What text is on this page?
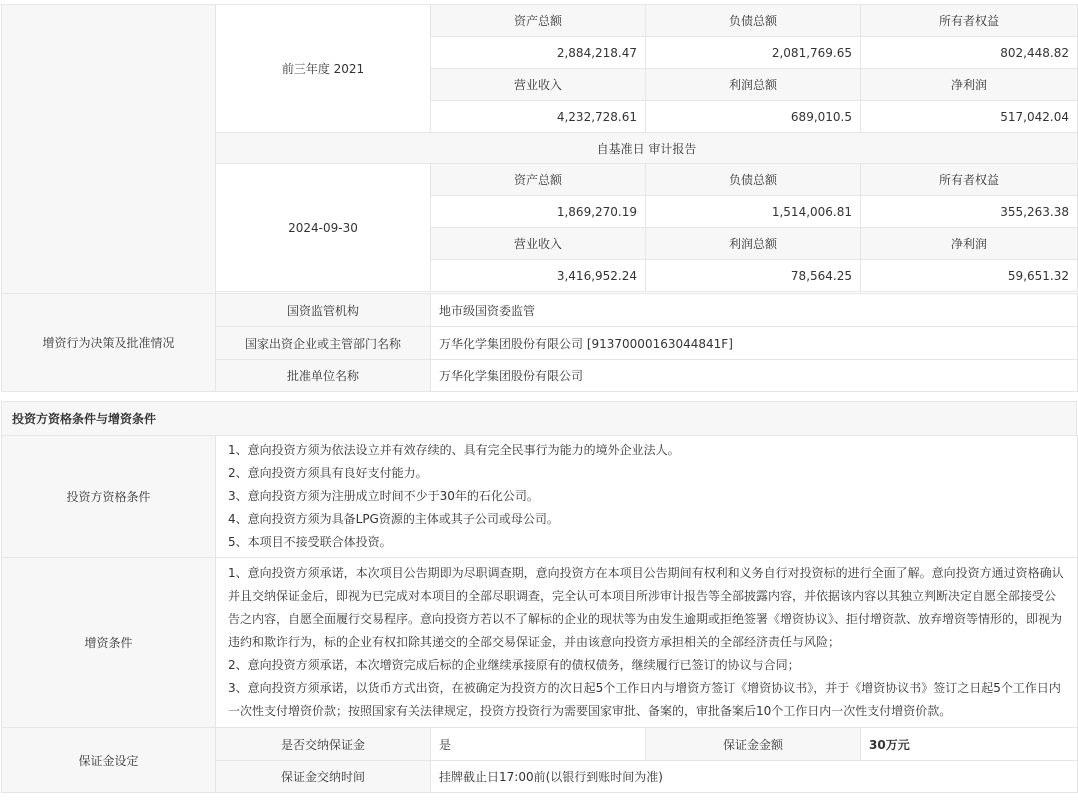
	前三年度 2021	资产总额	负债总额	所有者权益
		2,884,218.47	2,081,769.65	802,448.82
		营业收入	利润总额	净利润
		4,232,728.61	689,010.5	517,042.04
	自基准日 审计报告			
	2024-09-30	资产总额	负债总额	所有者权益
		1,869,270.19	1,514,006.81	355,263.38
		营业收入	利润总额	净利润
		3,416,952.24	78,564.25	59,651.32

增资行为决策及批准情况	国资监管机构	地市级国资委监管		
	国家出资企业或主管部门名称	万华化学集团股份有限公司 [91370000163044841F]		
	批准单位名称	万华化学集团股份有限公司		
投资方资格条件与增资条件
投资方资格条件	1、意向投资方须为依法设立并有效存续的、具有完全民事行为能力的境外企业法人。
2、意向投资方须具有良好支付能力。
3、意向投资方须为注册成立时间不少于30年的石化公司。
4、意向投资方须为具备LPG资源的主体或其子公司或母公司。
5、本项目不接受联合体投资。			

增资条件	1、意向投资方须承诺，本次项目公告期即为尽职调查期，意向投资方在本项目公告期间有权利和义务自行对投资标的进行全面了解。意向投资方通过资格确认并且交纳保证金后，即视为已完成对本项目的全部尽职调查，完全认可本项目所涉审计报告等全部披露内容，并依据该内容以其独立判断决定自愿全部接受公告之内容，自愿全面履行交易程序。意向投资方若以不了解标的企业的现状等为由发生逾期或拒绝签署《增资协议》、拒付增资款、放弃增资等情形的，即视为违约和欺诈行为，标的企业有权扣除其递交的全部交易保证金，并由该意向投资方承担相关的全部经济责任与风险；
2、意向投资方须承诺，本次增资完成后标的企业继续承接原有的债权债务，继续履行已签订的协议与合同；
3、意向投资方须承诺，以货币方式出资，在被确定为投资方的次日起5个工作日内与增资方签订《增资协议书》，并于《增资协议书》签订之日起5个工作日内一次性支付增资价款；按照国家有关法律规定，投资方投资行为需要国家审批、备案的，审批备案后10个工作日内一次性支付增资价款。			

保证金设定	是否交纳保证金	是	保证金金额	30万元
	保证金交纳时间	挂牌截止日17:00前(以银行到账时间为准)		
